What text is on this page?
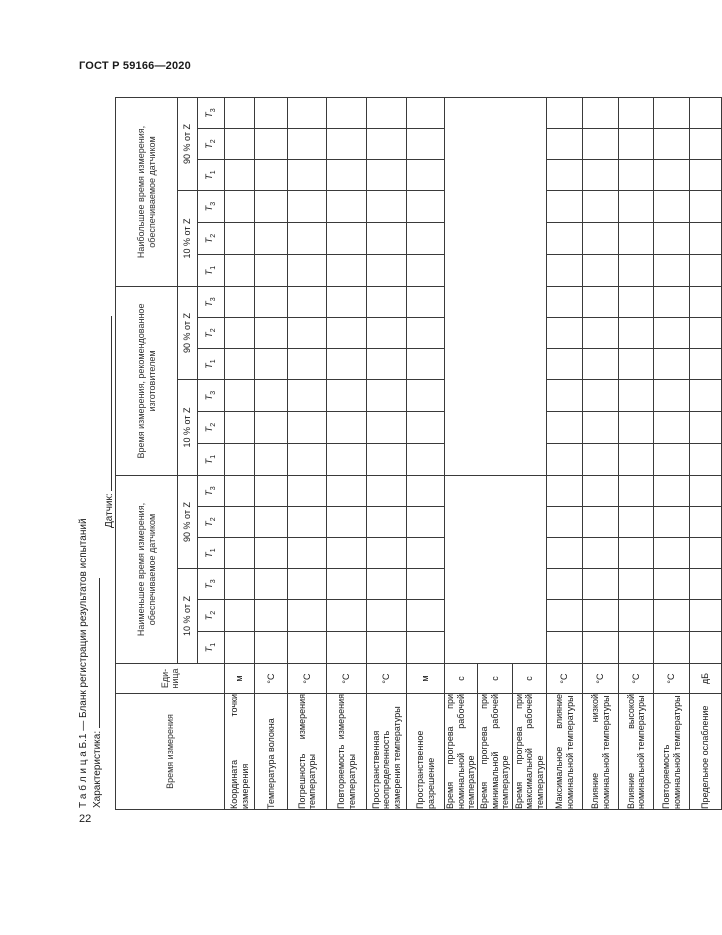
ГОСТ Р 59166—2020
Т а б л и ц а Б.1 — Бланк регистрации результатов испытаний Характеристика:
Датчик:
Время измерения	Еди-ница	Наименьшее время измерения, обеспечиваемое датчиком						Время измерения, рекомендованное изготовителем						Наибольшее время измерения, обеспечиваемое датчиком					
		10 % от Z			90 % от Z			10 % от Z			90 % от Z			10 % от Z			90 % от Z		
		$T_1$	$T_2$	$T_3$	$T_1$	$T_2$	$T_3$	$T_1$	$T_2$	$T_3$	$T_1$	$T_2$	$T_3$	$T_1$	$T_2$	$T_3$	$T_1$	$T_2$	$T_3$
Координата точки измерения	м																		
Температура волокна	°С																		
Погрешность измерения температуры	°С																		
Повторяемость измерения температуры	°С																		
Пространственная неопределенность измерения температуры	°С																		
Пространственное разрешение	м																		
Время прогрева при номинальной рабочей температуре	с																		
Время прогрева при минимальной рабочей температуре	с																		
Время прогрева при максимальной рабочей температуре	с																		
Максимальное влияние номинальной температуры	°С																		
Влияние низкой номинальной температуры	°С																		
Влияние высокой номинальной температуры	°С																		
Повторяемость номинальной температуры	°С																		
Предельное ослабление	дБ																		
22
